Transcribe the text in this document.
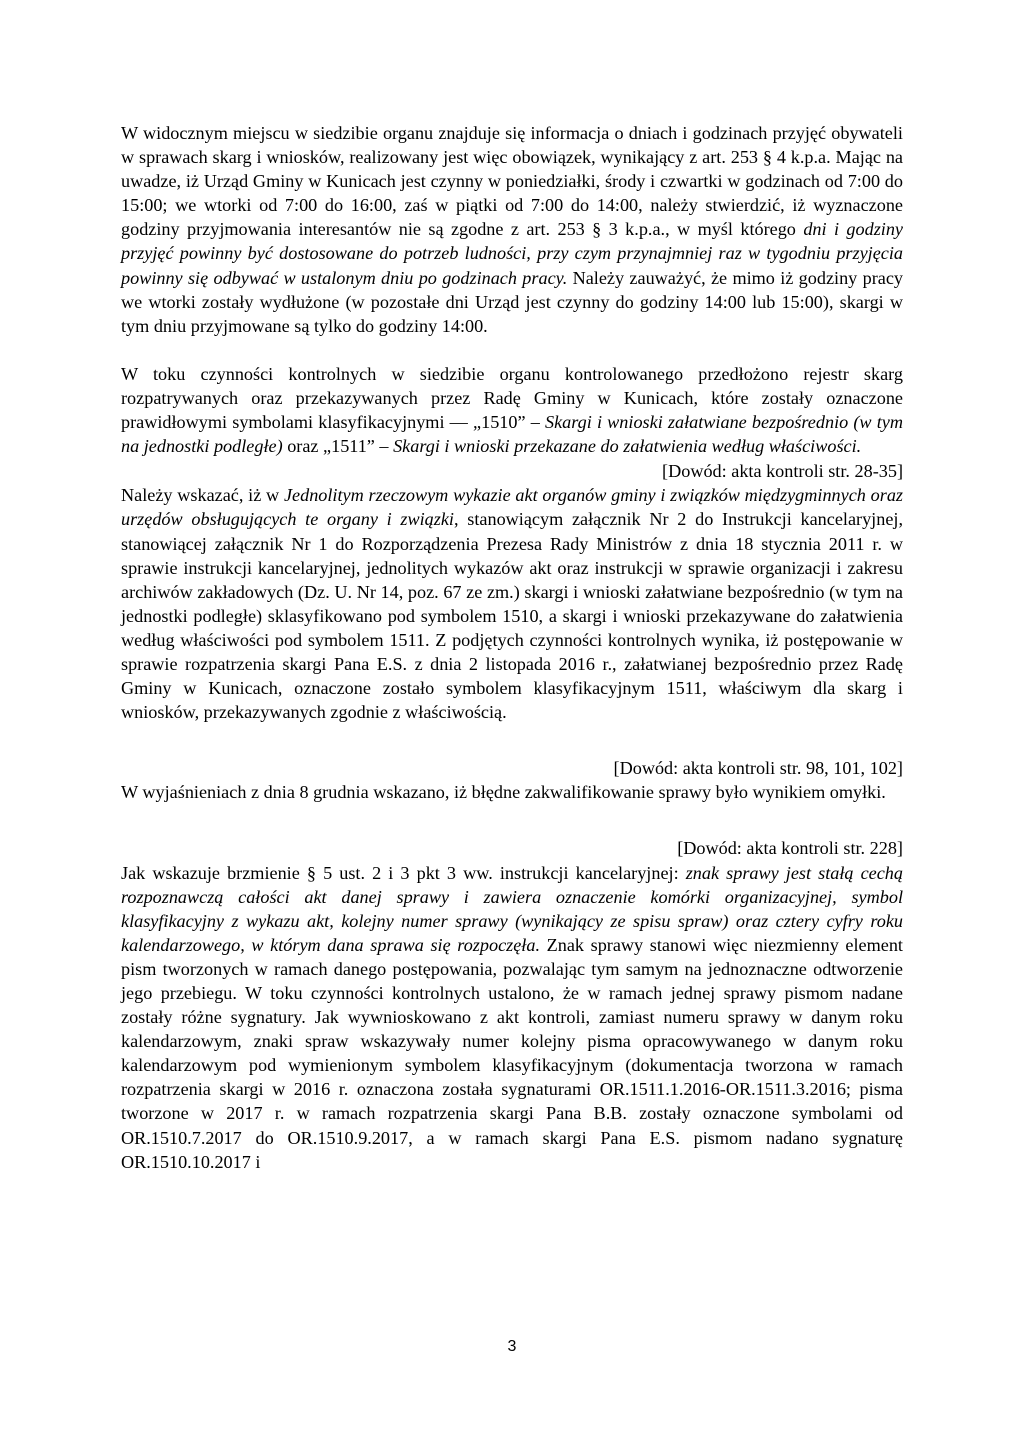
W widocznym miejscu w siedzibie organu znajduje się informacja o dniach i godzinach przyjęć obywateli w sprawach skarg i wniosków, realizowany jest więc obowiązek, wynikający z art. 253 § 4 k.p.a. Mając na uwadze, iż Urząd Gminy w Kunicach jest czynny w poniedziałki, środy i czwartki w godzinach od 7:00 do 15:00; we wtorki od 7:00 do 16:00, zaś w piątki od 7:00 do 14:00, należy stwierdzić, iż wyznaczone godziny przyjmowania interesantów nie są zgodne z art. 253 § 3 k.p.a., w myśl którego dni i godziny przyjęć powinny być dostosowane do potrzeb ludności, przy czym przynajmniej raz w tygodniu przyjęcia powinny się odbywać w ustalonym dniu po godzinach pracy. Należy zauważyć, że mimo iż godziny pracy we wtorki zostały wydłużone (w pozostałe dni Urząd jest czynny do godziny 14:00 lub 15:00), skargi w tym dniu przyjmowane są tylko do godziny 14:00.

W toku czynności kontrolnych w siedzibie organu kontrolowanego przedłożono rejestr skarg rozpatrywanych oraz przekazywanych przez Radę Gminy w Kunicach, które zostały oznaczone prawidłowymi symbolami klasyfikacyjnymi — „1510” – Skargi i wnioski załatwiane bezpośrednio (w tym na jednostki podległe) oraz „1511” – Skargi i wnioski przekazane do załatwienia według właściwości.

[Dowód: akta kontroli str. 28-35]

Należy wskazać, iż w Jednolitym rzeczowym wykazie akt organów gminy i związków międzygminnych oraz urzędów obsługujących te organy i związki, stanowiącym załącznik Nr 2 do Instrukcji kancelaryjnej, stanowiącej załącznik Nr 1 do Rozporządzenia Prezesa Rady Ministrów z dnia 18 stycznia 2011 r. w sprawie instrukcji kancelaryjnej, jednolitych wykazów akt oraz instrukcji w sprawie organizacji i zakresu archiwów zakładowych (Dz. U. Nr 14, poz. 67 ze zm.) skargi i wnioski załatwiane bezpośrednio (w tym na jednostki podległe) sklasyfikowano pod symbolem 1510, a skargi i wnioski przekazywane do załatwienia według właściwości pod symbolem 1511. Z podjętych czynności kontrolnych wynika, iż postępowanie w sprawie rozpatrzenia skargi Pana E.S. z dnia 2 listopada 2016 r., załatwianej bezpośrednio przez Radę Gminy w Kunicach, oznaczone zostało symbolem klasyfikacyjnym 1511, właściwym dla skarg i wniosków, przekazywanych zgodnie z właściwością.

[Dowód: akta kontroli str. 98, 101, 102]

W wyjaśnieniach z dnia 8 grudnia wskazano, iż błędne zakwalifikowanie sprawy było wynikiem omyłki.

[Dowód: akta kontroli str. 228]

Jak wskazuje brzmienie § 5 ust. 2 i 3 pkt 3 ww. instrukcji kancelaryjnej: znak sprawy jest stałą cechą rozpoznawczą całości akt danej sprawy i zawiera oznaczenie komórki organizacyjnej, symbol klasyfikacyjny z wykazu akt, kolejny numer sprawy (wynikający ze spisu spraw) oraz cztery cyfry roku kalendarzowego, w którym dana sprawa się rozpoczęła. Znak sprawy stanowi więc niezmienny element pism tworzonych w ramach danego postępowania, pozwalając tym samym na jednoznaczne odtworzenie jego przebiegu. W toku czynności kontrolnych ustalono, że w ramach jednej sprawy pismom nadane zostały różne sygnatury. Jak wywnioskowano z akt kontroli, zamiast numeru sprawy w danym roku kalendarzowym, znaki spraw wskazywały numer kolejny pisma opracowywanego w danym roku kalendarzowym pod wymienionym symbolem klasyfikacyjnym (dokumentacja tworzona w ramach rozpatrzenia skargi w 2016 r. oznaczona została sygnaturami OR.1511.1.2016-OR.1511.3.2016; pisma tworzone w 2017 r. w ramach rozpatrzenia skargi Pana B.B. zostały oznaczone symbolami od OR.1510.7.2017 do OR.1510.9.2017, a w ramach skargi Pana E.S. pismom nadano sygnaturę OR.1510.10.2017 i

3
